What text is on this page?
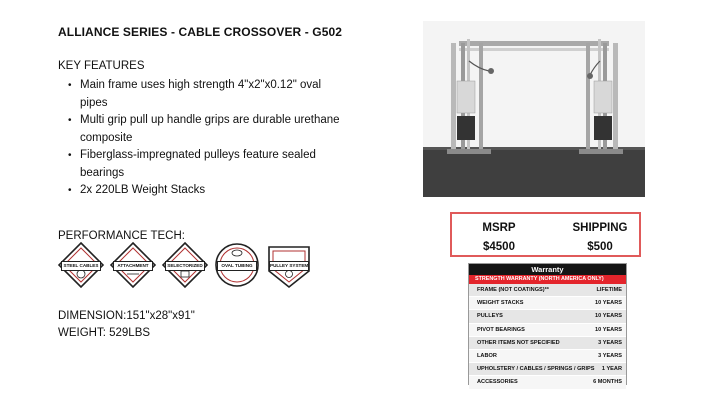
ALLIANCE SERIES - CABLE CROSSOVER - G502
KEY FEATURES
• Main frame uses high strength 4"x2"x0.12" oval pipes
• Multi grip pull up handle grips are durable urethane composite
• Fiberglass-impregnated pulleys feature sealed bearings
• 2x 220LB Weight Stacks
PERFORMANCE TECH:
STEEL CABLES	ATTACHMENT	SELECTORIZED	OVAL TUBING	PULLEY SYSTEM
DIMENSION:151"x28"x91"
WEIGHT: 529LBS
MSRP	SHIPPING
$4500	$500
Warranty
STRENGTH WARRANTY (NORTH AMERICA ONLY)
FRAME (NOT COATINGS)**	LIFETIME
WEIGHT STACKS	10 YEARS
PULLEYS	10 YEARS
PIVOT BEARINGS	10 YEARS
OTHER ITEMS NOT SPECIFIED	3 YEARS
LABOR	3 YEARS
UPHOLSTERY / CABLES / SPRINGS / GRIPS 1 YEAR
ACCESSORIES	6 MONTHS
